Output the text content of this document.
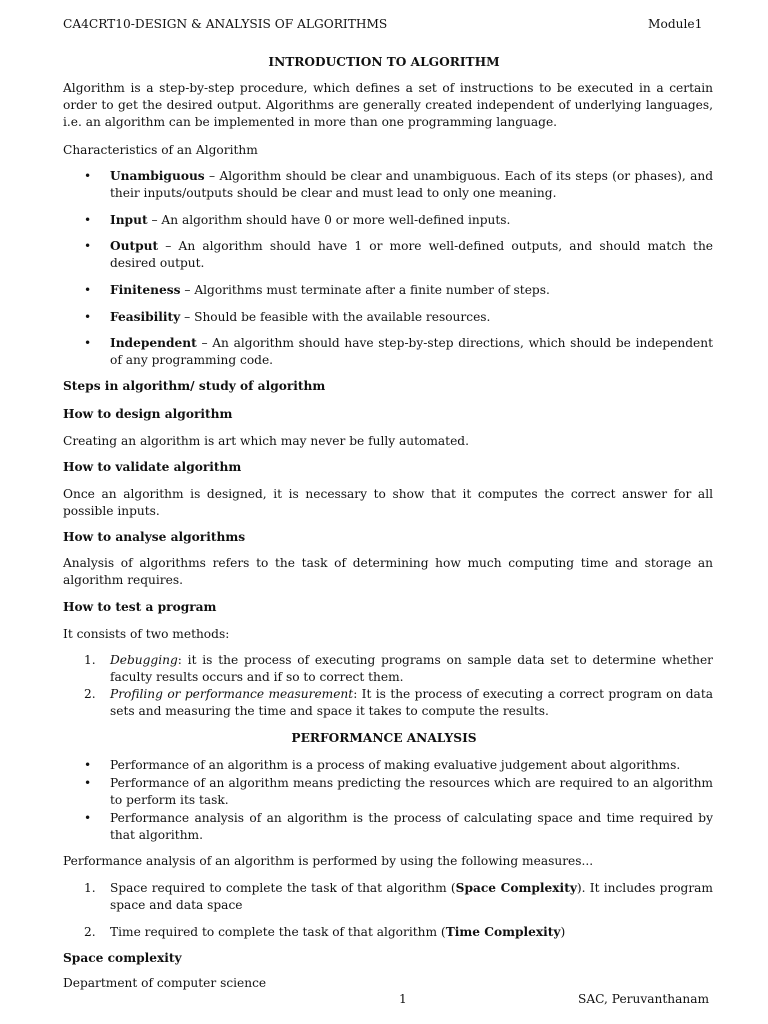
CA4CRT10-DESIGN & ANALYSIS OF ALGORITHMS	Module1
INTRODUCTION TO ALGORITHM
Algorithm is a step-by-step procedure, which defines a set of instructions to be executed in a certain order to get the desired output. Algorithms are generally created independent of underlying languages, i.e. an algorithm can be implemented in more than one programming language.
Characteristics of an Algorithm
• Unambiguous – Algorithm should be clear and unambiguous. Each of its steps (or phases), and their inputs/outputs should be clear and must lead to only one meaning.
• Input – An algorithm should have 0 or more well-defined inputs.
• Output – An algorithm should have 1 or more well-defined outputs, and should match the desired output.
• Finiteness – Algorithms must terminate after a finite number of steps.
• Feasibility – Should be feasible with the available resources.
• Independent – An algorithm should have step-by-step directions, which should be independent of any programming code.
Steps in algorithm/ study of algorithm
How to design algorithm
Creating an algorithm is art which may never be fully automated.
How to validate algorithm
Once an algorithm is designed, it is necessary to show that it computes the correct answer for all possible inputs.
How to analyse algorithms
Analysis of algorithms refers to the task of determining how much computing time and storage an algorithm requires.
How to test a program
It consists of two methods:
1. Debugging: it is the process of executing programs on sample data set to determine whether faculty results occurs and if so to correct them.
2. Profiling or performance measurement: It is the process of executing a correct program on data sets and measuring the time and space it takes to compute the results.
PERFORMANCE ANALYSIS
• Performance of an algorithm is a process of making evaluative judgement about algorithms.
• Performance of an algorithm means predicting the resources which are required to an algorithm to perform its task.
• Performance analysis of an algorithm is the process of calculating space and time required by that algorithm.
Performance analysis of an algorithm is performed by using the following measures...
1. Space required to complete the task of that algorithm (Space Complexity). It includes program space and data space
2. Time required to complete the task of that algorithm (Time Complexity)
Space complexity
Department of computer science
1	SAC, Peruvanthanam
